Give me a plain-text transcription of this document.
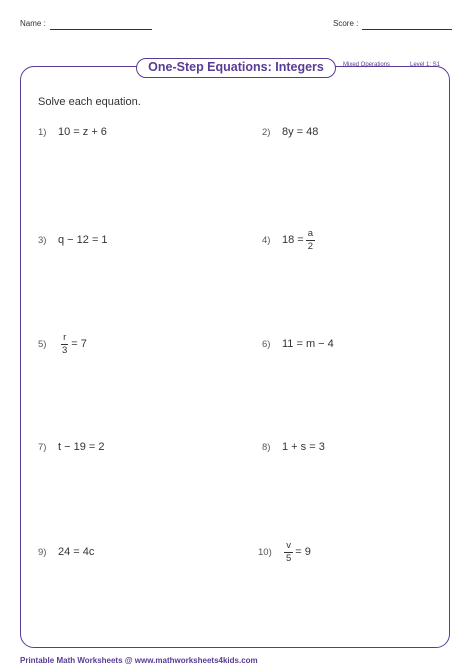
Name :	Score :
One-Step Equations: Integers	Mixed Operations	Level 1: S1
Solve each equation.
1)	10 = z + 6	2)	8y = 48
3)	q − 12 = 1	4)	$18 = \frac{a}{2}$
5)	$\frac{r}{3} = 7$	6)	11 = m − 4
7)	t − 19 = 2	8)	1 + s = 3
9)	24 = 4c	10)	$\frac{v}{5} = 9$
Printable Math Worksheets @ www.mathworksheets4kids.com
